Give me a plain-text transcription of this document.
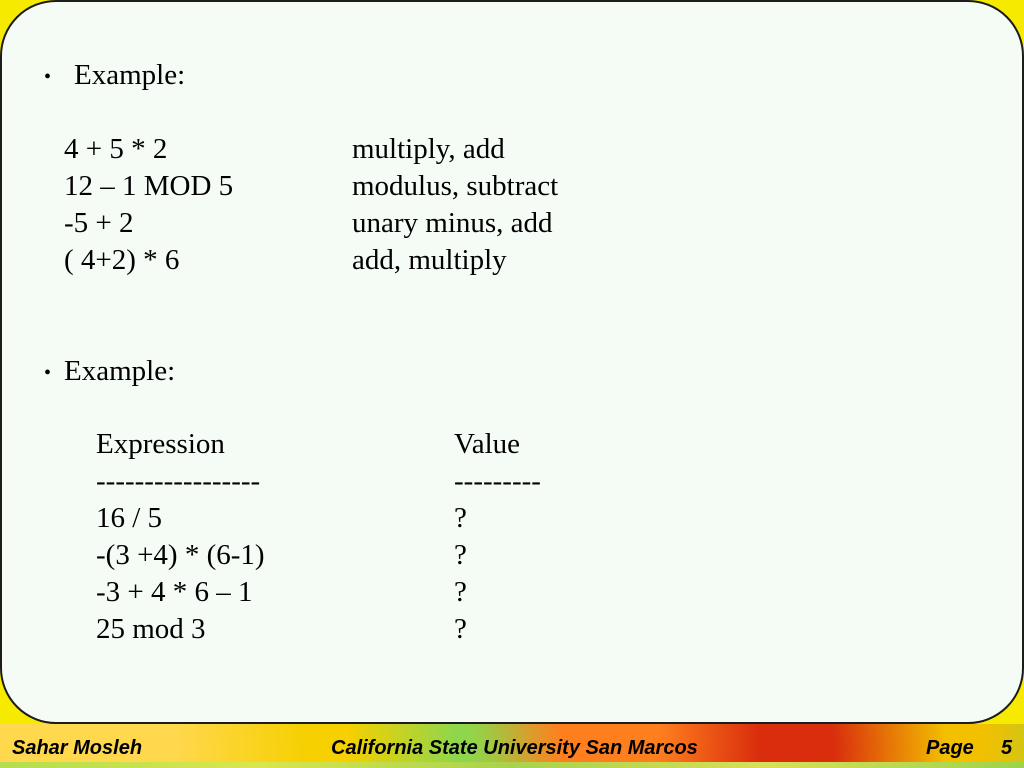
• Example:
4 + 5 * 2	multiply, add
12 – 1 MOD 5	modulus, subtract
-5 + 2	unary minus, add
( 4+2) * 6	add, multiply
• Example:
Expression	Value
-----------------	---------
16 / 5	?
-(3 +4) * (6-1)	?
-3 + 4 * 6 – 1	?
25 mod 3	?
Sahar Mosleh	California State University San Marcos	Page 5
